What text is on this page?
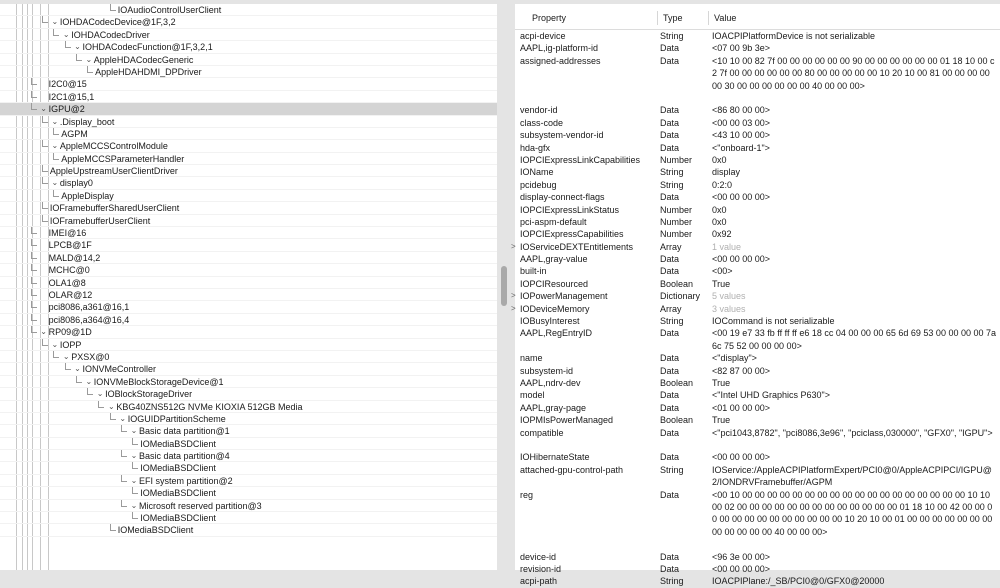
IOAudioControlUserClient
⌄ IOHDACodecDevice@1F,3,2
⌄ IOHDACodecDriver
⌄ IOHDACodecFunction@1F,3,2,1
⌄ AppleHDACodecGeneric
AppleHDAHDMI_DPDriver
I2C0@15
I2C1@15,1
⌄ IGPU@2
⌄ .Display_boot
AGPM
⌄ AppleMCCSControlModule
AppleMCCSParameterHandler
AppleUpstreamUserClientDriver
⌄ display0
AppleDisplay
IOFramebufferSharedUserClient
IOFramebufferUserClient
IMEI@16
LPCB@1F
MALD@14,2
MCHC@0
OLA1@8
OLAR@12
pci8086,a361@16,1
pci8086,a364@16,4
⌄ RP09@1D
⌄ IOPP
⌄ PXSX@0
⌄ IONVMeController
⌄ IONVMeBlockStorageDevice@1
⌄ IOBlockStorageDriver
⌄ KBG40ZNS512G NVMe KIOXIA 512GB Media
⌄ IOGUIDPartitionScheme
⌄ Basic data partition@1
IOMediaBSDClient
⌄ Basic data partition@4
IOMediaBSDClient
⌄ EFI system partition@2
IOMediaBSDClient
⌄ Microsoft reserved partition@3
IOMediaBSDClient
IOMediaBSDClient
Property	Type	Value
acpi-device	String	IOACPIPlatformDevice is not serializable
AAPL,ig-platform-id	Data	<07 00 9b 3e>
assigned-addresses	Data	<10 10 00 82 7f 00 00 00 00 00 00 90 00 00 00 00 00 00 01 18 10 00 c2 7f 00 00 00 00 00 00 80 00 00 00 00 00 10 20 10 00 81 00 00 00 00 00 30 00 00 00 00 00 00 40 00 00 00>
vendor-id	Data	<86 80 00 00>
class-code	Data	<00 00 03 00>
subsystem-vendor-id	Data	<43 10 00 00>
hda-gfx	Data	<"onboard-1">
IOPCIExpressLinkCapabilities	Number	0x0
IOName	String	display
pcidebug	String	0:2:0
display-connect-flags	Data	<00 00 00 00>
IOPCIExpressLinkStatus	Number	0x0
pci-aspm-default	Number	0x0
IOPCIExpressCapabilities	Number	0x92
> IOServiceDEXTEntitlements	Array	1 value
AAPL,gray-value	Data	<00 00 00 00>
built-in	Data	<00>
IOPCIResourced	Boolean	True
> IOPowerManagement	Dictionary	5 values
> IODeviceMemory	Array	3 values
IOBusyInterest	String	IOCommand is not serializable
AAPL,RegEntryID	Data	<00 19 e7 33 fb ff ff ff e6 18 cc 04 00 00 00 65 6d 69 53 00 00 00 00 7a 6c 75 52 00 00 00 00>
name	Data	<"display">
subsystem-id	Data	<82 87 00 00>
AAPL,ndrv-dev	Boolean	True
model	Data	<"Intel UHD Graphics P630">
AAPL,gray-page	Data	<01 00 00 00>
IOPMIsPowerManaged	Boolean	True
compatible	Data	<"pci1043,8782", "pci8086,3e96", "pciclass,030000", "GFX0", "IGPU">
IOHibernateState	Data	<00 00 00 00>
attached-gpu-control-path	String	IOService:/AppleACPIPlatformExpert/PCI0@0/AppleACPIPCI/IGPU@2/IONDRVFramebuffer/AGPM
reg	Data	<00 10 00 00 00 00 00 00 00 00 00 00 00 00 00 00 00 00 00 00 10 10 00 02 00 00 00 00 00 00 00 00 00 00 00 00 00 01 18 10 00 42 00 00 00 00 00 00 00 00 00 00 00 00 00 10 20 10 00 01 00 00 00 00 00 00 00 00 00 00 00 00 40 00 00 00>
device-id	Data	<96 3e 00 00>
revision-id	Data	<00 00 00 00>
acpi-path	String	IOACPIPlane:/_SB/PCI0@0/GFX0@20000
